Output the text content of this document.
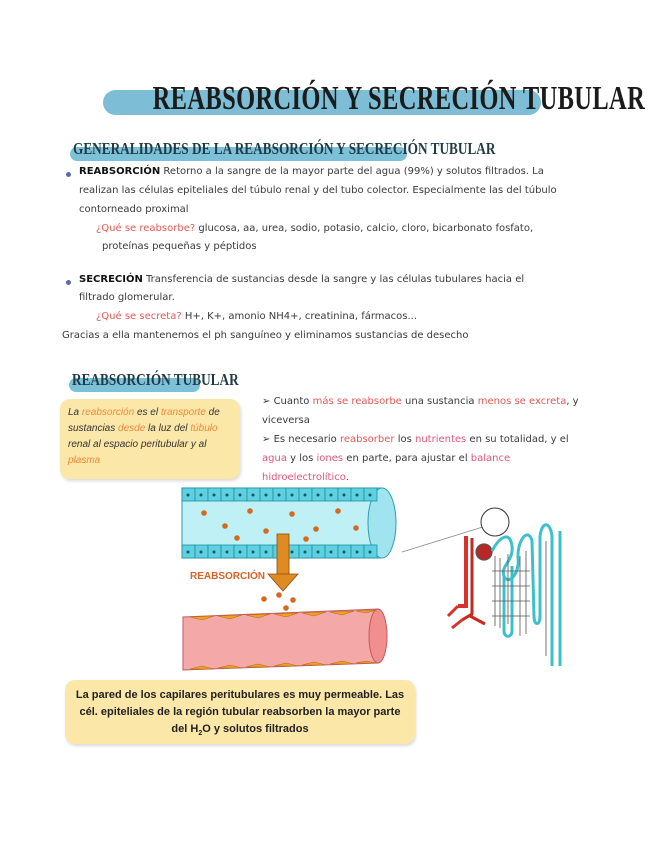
REABSORCIÓN Y SECRECIÓN TUBULAR
GENERALIDADES DE LA REABSORCIÓN Y SECRECIÓN TUBULAR
REABSORCIÓN Retorno a la sangre de la mayor parte del agua (99%) y solutos filtrados. La
realizan las células epiteliales del túbulo renal y del tubo colector. Especialmente las del túbulo
contorneado proximal
¿Qué se reabsorbe? glucosa, aa, urea, sodio, potasio, calcio, cloro, bicarbonato fosfato,
proteínas pequeñas y péptidos
SECRECIÓN Transferencia de sustancias desde la sangre y las células tubulares hacia el
filtrado glomerular.
¿Qué se secreta? H+, K+, amonio NH4+, creatinina, fármacos...
Gracias a ella mantenemos el ph sanguíneo y eliminamos sustancias de desecho
REABSORCIÓN TUBULAR
La reabsorción es el transporte de sustancias desde la luz del túbulo renal al espacio peritubular y al plasma
➢ Cuanto más se reabsorbe una sustancia menos se excreta, y viceversa
➢ Es necesario reabsorber los nutrientes en su totalidad, y el agua y los iones en parte, para ajustar el balance hidroelectrolítico.
REABSORCIÓN
La pared de los capilares peritubulares es muy permeable. Las
cél. epiteliales de la región tubular reabsorben la mayor parte
del $H_2O$ y solutos filtrados
